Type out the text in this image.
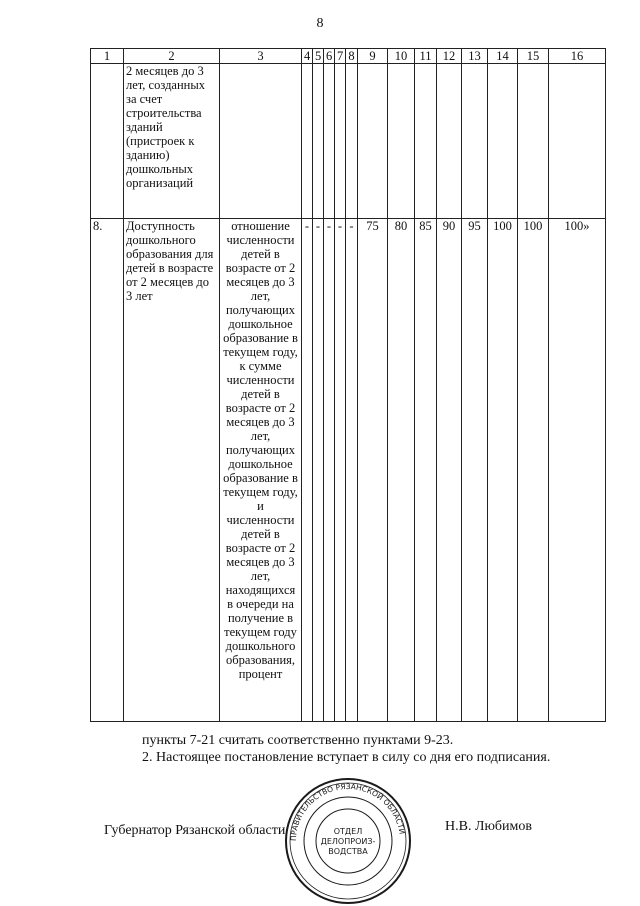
8
1	2	3	4	5	6	7	8	9	10	11	12	13	14	15	16
	2 месяцев до 3 лет, созданных за счет строительства зданий (пристроек к зданию) дошкольных организаций														
8.	Доступность дошкольного образования для детей в возрасте от 2 месяцев до 3 лет	отношение численности детей в возрасте от 2 месяцев до 3 лет, получающих дошкольное образование в текущем году, к сумме численности детей в возрасте от 2 месяцев до 3 лет, получающих дошкольное образование в текущем году, и численности детей в возрасте от 2 месяцев до 3 лет, находящихся в очереди на получение в текущем году дошкольного образования, процент	-	-	-	-	-	75	80	85	90	95	100	100	100»
пункты 7-21 считать соответственно пунктами 9-23.
2. Настоящее постановление вступает в силу со дня его подписания.
Губернатор Рязанской области	Н.В. Любимов
ПРАВИТЕЛЬСТВО РЯЗАНСКОЙ ОБЛАСТИ
ОТДЕЛ
ДЕЛОПРОИЗ-
ВОДСТВА
